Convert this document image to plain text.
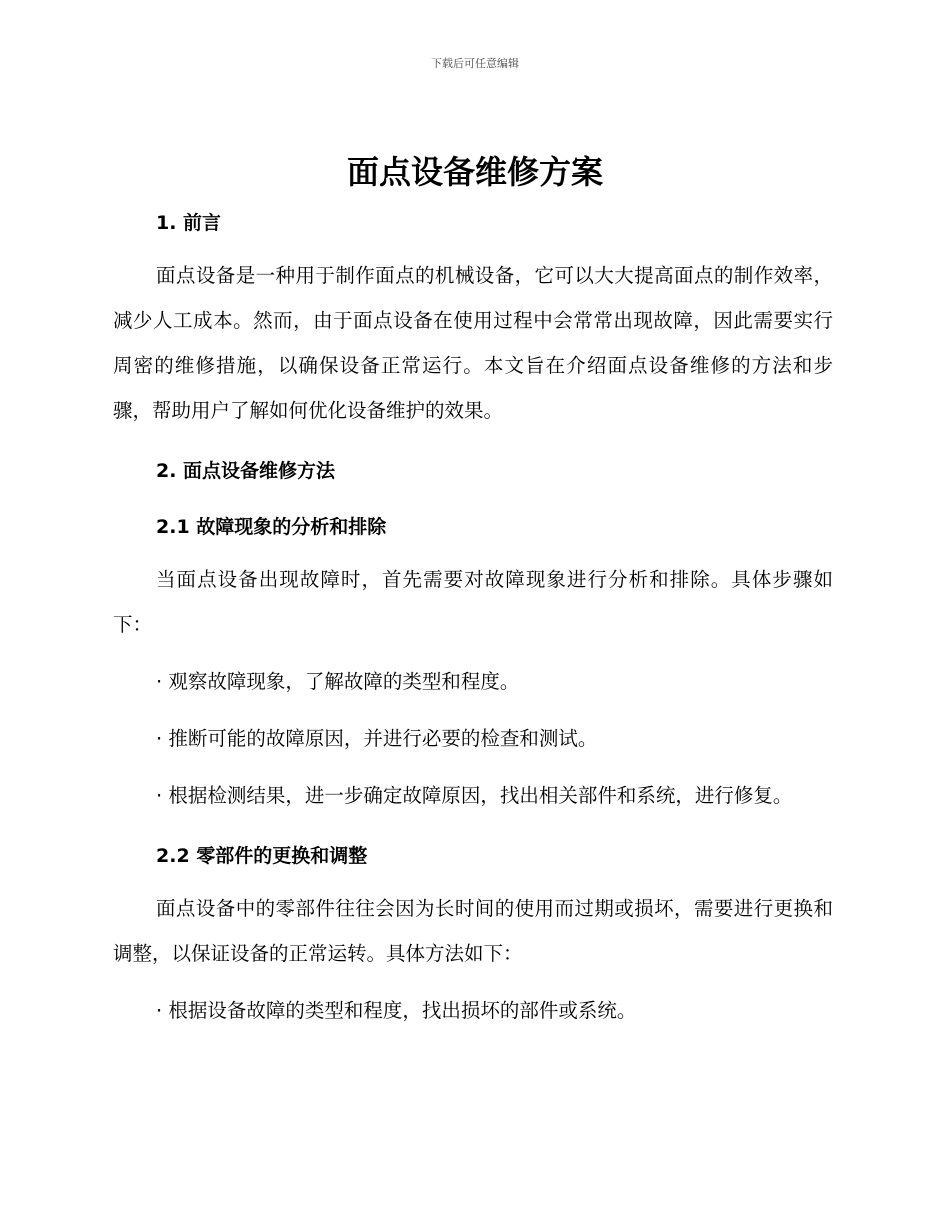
下载后可任意编辑
面点设备维修方案

1. 前言

面点设备是一种用于制作面点的机械设备，它可以大大提高面点的制作效率，减少人工成本。然而，由于面点设备在使用过程中会常常出现故障，因此需要实行周密的维修措施，以确保设备正常运行。本文旨在介绍面点设备维修的方法和步骤，帮助用户了解如何优化设备维护的效果。

2. 面点设备维修方法

2.1 故障现象的分析和排除

当面点设备出现故障时，首先需要对故障现象进行分析和排除。具体步骤如下：

· 观察故障现象，了解故障的类型和程度。

· 推断可能的故障原因，并进行必要的检查和测试。

· 根据检测结果，进一步确定故障原因，找出相关部件和系统，进行修复。

2.2 零部件的更换和调整

面点设备中的零部件往往会因为长时间的使用而过期或损坏，需要进行更换和调整，以保证设备的正常运转。具体方法如下：

· 根据设备故障的类型和程度，找出损坏的部件或系统。
